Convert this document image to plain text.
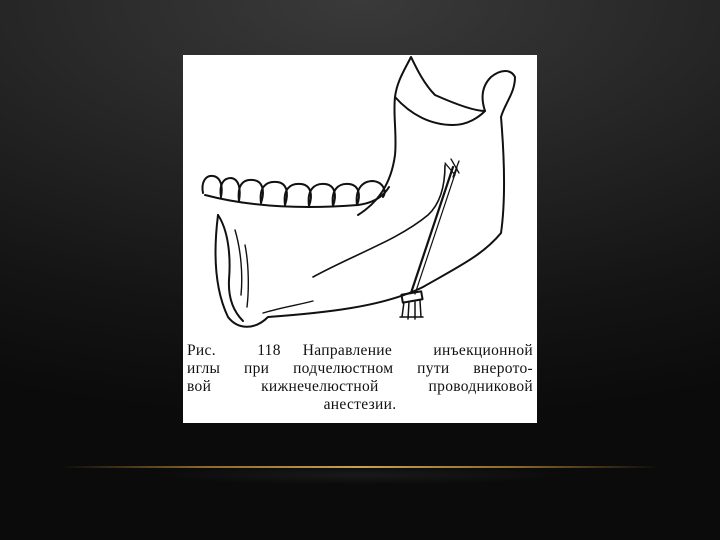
Рис. 118 Направление инъекционной
иглы при подчелюстном пути внерото-
вой кижнечелюстной проводниковой
анестезии.
